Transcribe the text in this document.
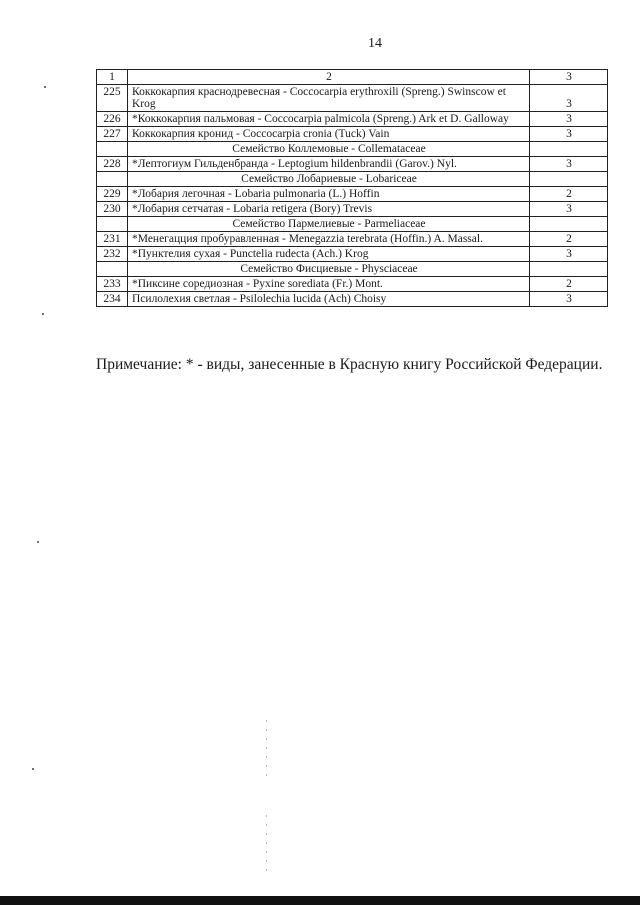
14
1	2	3
225	Коккокарпия краснодревесная - Coccocarpia erythroxili (Spreng.) Swinscow et Krog	3
226	*Коккокарпия пальмовая - Coccocarpia palmicola (Spreng.) Ark et D. Galloway	3
227	Коккокарпия кронид - Coccocarpia cronia (Tuck) Vain	3
	Семейство Коллемовые - Collemataceae	
228	*Лептогиум Гильденбранда - Leptogium hildenbrandii (Garov.) Nyl.	3
	Семейство Лобариевые - Lobariceae	
229	*Лобария легочная - Lobaria pulmonaria (L.) Hoffin	2
230	*Лобария сетчатая - Lobaria retigera (Bory) Trevis	3
	Семейство Пармелиевые - Parmeliaceae	
231	*Менегацция пробуравленная - Menegazzia terebrata (Hoffin.) A. Massal.	2
232	*Пунктелия сухая - Punctelia rudecta (Ach.) Krog	3
	Семейство Фисциевые - Physciaceae	
233	*Пиксине соредиозная - Pyxine sorediata (Fr.) Mont.	2
234	Псилолехия светлая - Psilolechia lucida (Ach) Choisy	3
Примечание: * - виды, занесенные в Красную книгу Российской Федерации.
